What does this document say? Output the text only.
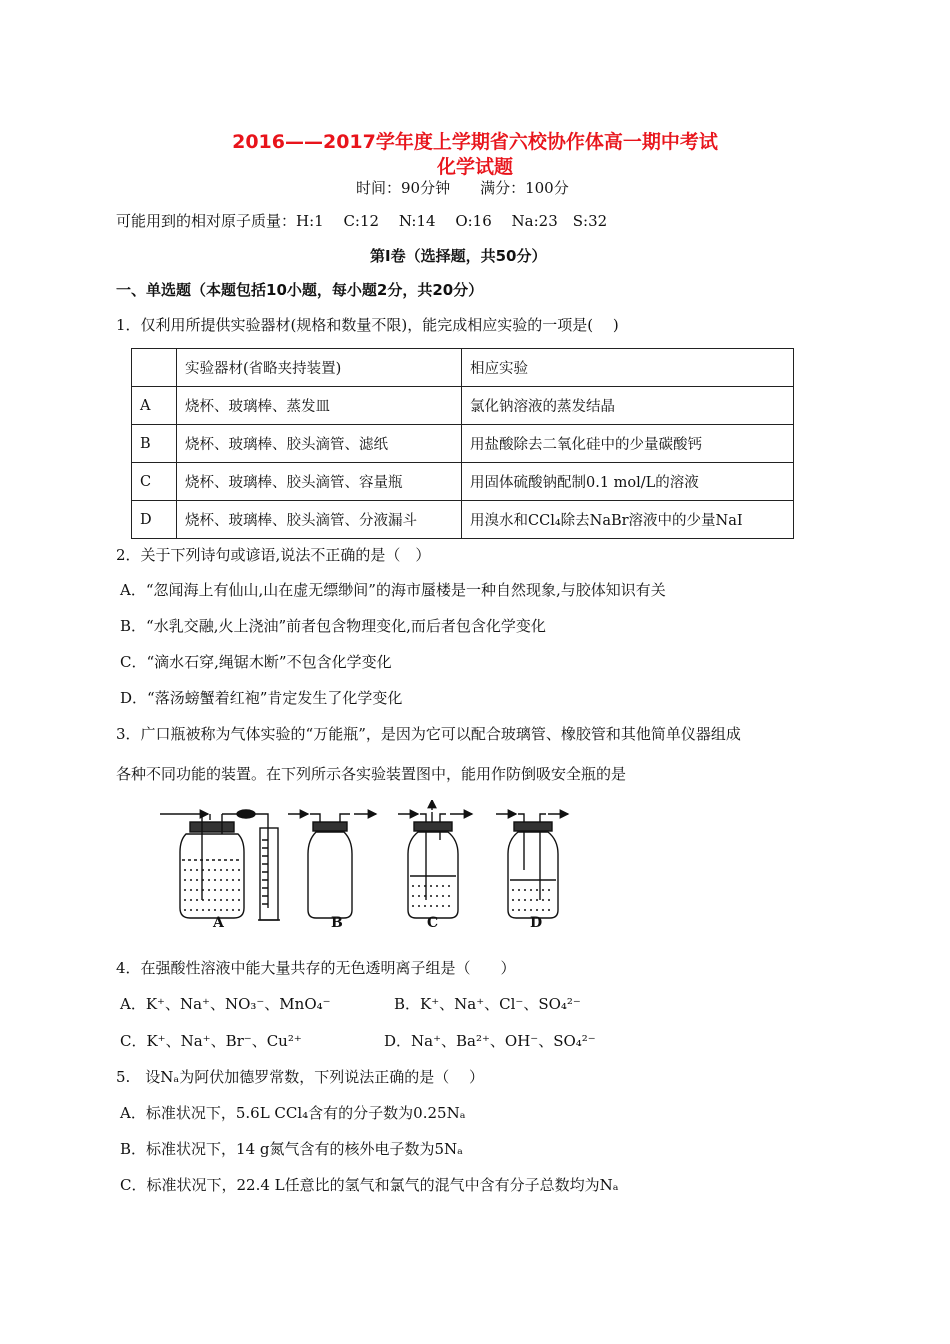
2016——2017学年度上学期省六校协作体高一期中考试
化学试题
时间：90分钟　　满分：100分
可能用到的相对原子质量：H:1　 C:12 　N:14 　O:16 　Na:23　S:32
第Ⅰ卷（选择题，共50分）
一、单选题（本题包括10小题，每小题2分，共20分）
1．仅利用所提供实验器材(规格和数量不限)，能完成相应实验的一项是(　 )
	实验器材(省略夹持装置)	相应实验
A	烧杯、玻璃棒、蒸发皿	氯化钠溶液的蒸发结晶
B	烧杯、玻璃棒、胶头滴管、滤纸	用盐酸除去二氧化硅中的少量碳酸钙
C	烧杯、玻璃棒、胶头滴管、容量瓶	用固体硫酸钠配制0.1 mol/L的溶液
D	烧杯、玻璃棒、胶头滴管、分液漏斗	用溴水和CCl₄除去NaBr溶液中的少量NaI
2．关于下列诗句或谚语,说法不正确的是（　）
A．“忽闻海上有仙山,山在虚无缥缈间”的海市蜃楼是一种自然现象,与胶体知识有关
B．“水乳交融,火上浇油”前者包含物理变化,而后者包含化学变化
C．“滴水石穿,绳锯木断”不包含化学变化
D．“落汤螃蟹着红袍”肯定发生了化学变化
3．广口瓶被称为气体实验的“万能瓶”，是因为它可以配合玻璃管、橡胶管和其他简单仪器组成
各种不同功能的装置。在下列所示各实验装置图中，能用作防倒吸安全瓶的是
A	B	C	D
4．在强酸性溶液中能大量共存的无色透明离子组是（　　）
A．K⁺、Na⁺、NO₃⁻、MnO₄⁻	B．K⁺、Na⁺、Cl⁻、SO₄²⁻
C．K⁺、Na⁺、Br⁻、Cu²⁺	D．Na⁺、Ba²⁺、OH⁻、SO₄²⁻
5.　设Nₐ为阿伏加德罗常数，下列说法正确的是（　 ）
A．标准状况下，5.6L CCl₄含有的分子数为0.25Nₐ
B．标准状况下，14 g氮气含有的核外电子数为5Nₐ
C．标准状况下，22.4 L任意比的氢气和氯气的混气中含有分子总数均为Nₐ
